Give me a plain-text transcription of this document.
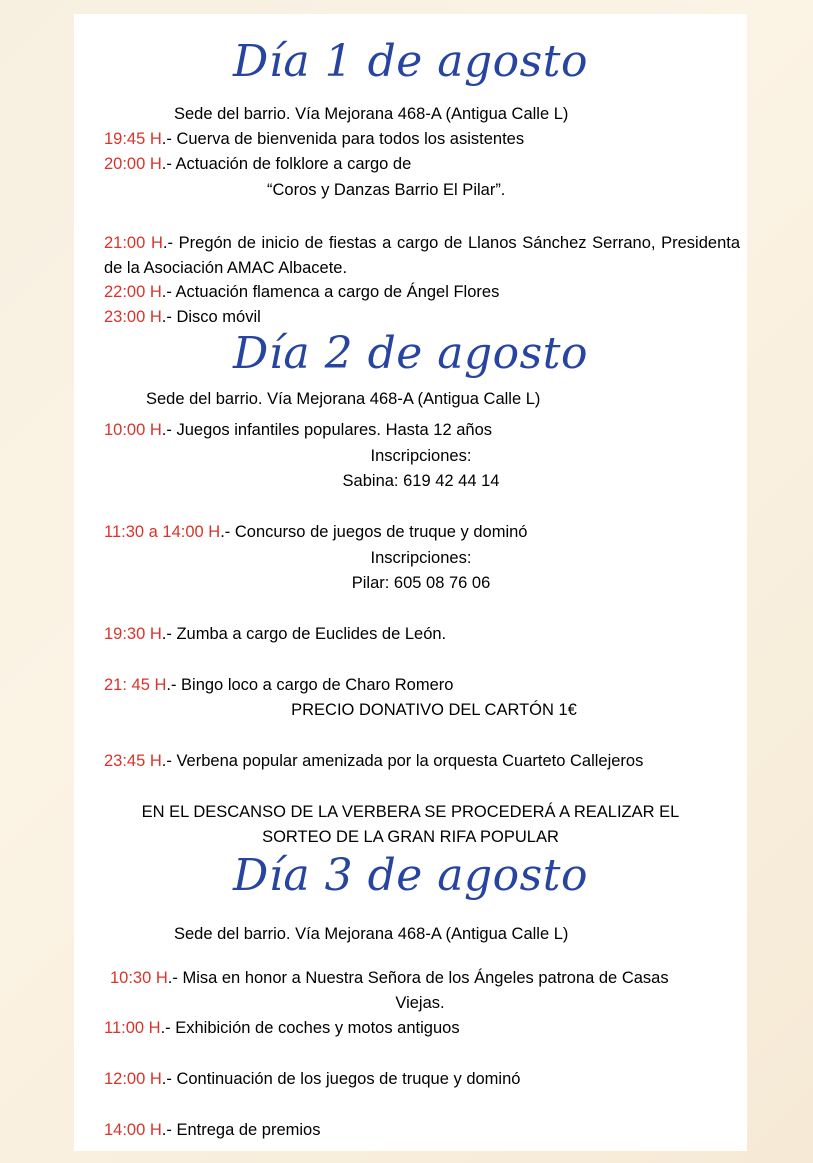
Día 1 de agosto
Sede del barrio. Vía Mejorana 468-A (Antigua Calle L)
19:45 H.- Cuerva de bienvenida para todos los asistentes
20:00 H.- Actuación de folklore a cargo de
“Coros y Danzas Barrio El Pilar”.
21:00 H.- Pregón de inicio de fiestas a cargo de Llanos Sánchez Serrano, Presidenta de la Asociación AMAC Albacete.
22:00 H.- Actuación flamenca a cargo de Ángel Flores
23:00 H.- Disco móvil
Día 2 de agosto
Sede del barrio. Vía Mejorana 468-A (Antigua Calle L)
10:00 H.- Juegos infantiles populares. Hasta 12 años
Inscripciones:
Sabina: 619 42 44 14
11:30 a 14:00 H.- Concurso de juegos de truque y dominó
Inscripciones:
Pilar: 605 08 76 06
19:30 H.- Zumba a cargo de Euclides de León.
21: 45 H.- Bingo loco a cargo de Charo Romero
PRECIO DONATIVO DEL CARTÓN 1€
23:45 H.- Verbena popular amenizada por la orquesta Cuarteto Callejeros
EN EL DESCANSO DE LA VERBERA SE PROCEDERÁ A REALIZAR EL
SORTEO DE LA GRAN RIFA POPULAR
Día 3 de agosto
Sede del barrio. Vía Mejorana 468-A (Antigua Calle L)
10:30 H.- Misa en honor a Nuestra Señora de los Ángeles patrona de Casas
Viejas.
11:00 H.- Exhibición de coches y motos antiguos
12:00 H.- Continuación de los juegos de truque y dominó
14:00 H.- Entrega de premios
